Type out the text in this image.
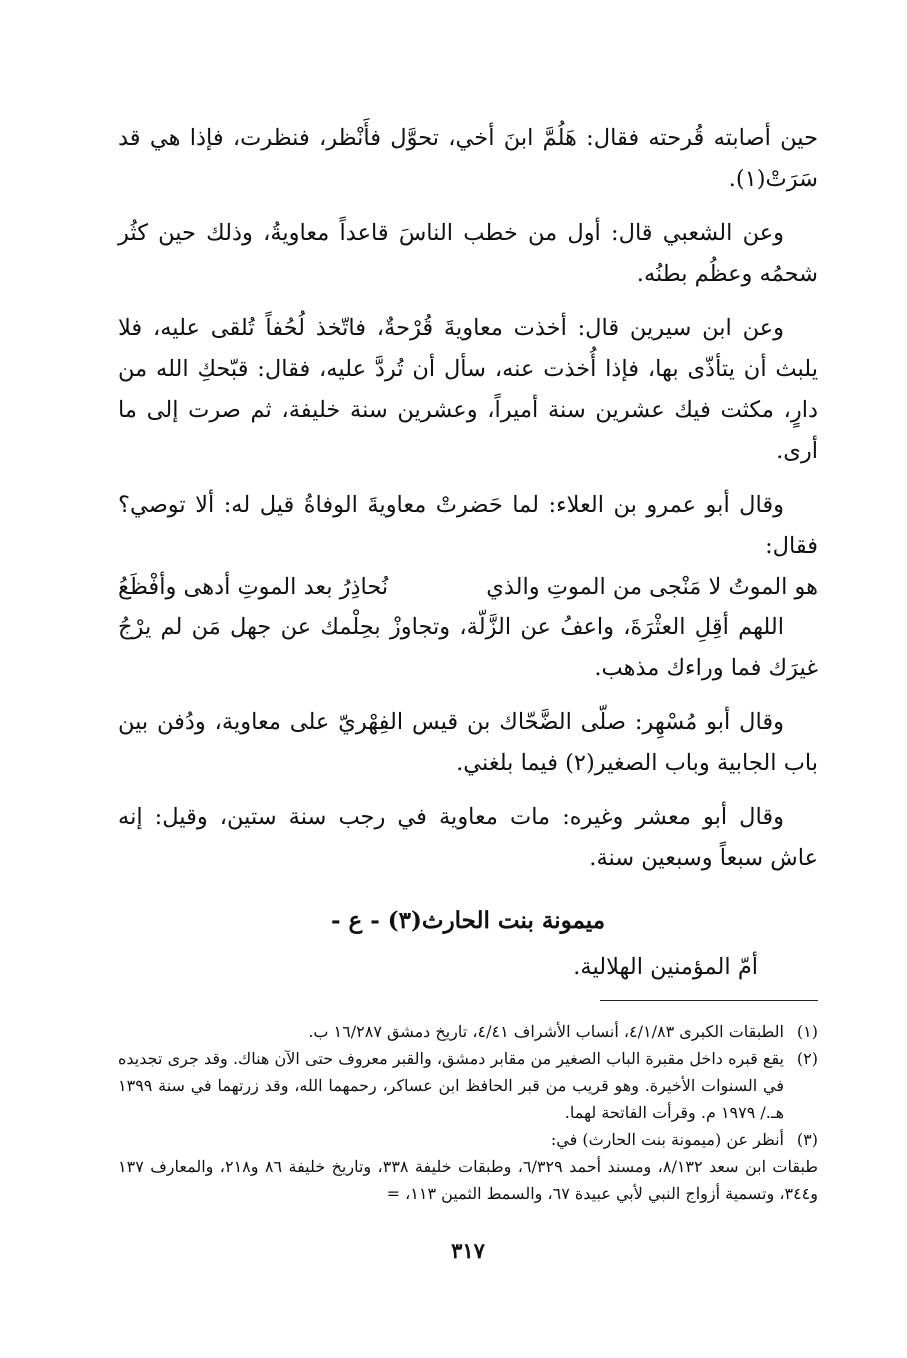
حين أصابته قُرحته فقال: هَلُمَّ ابنَ أخي، تحوَّل فأَنْظر، فنظرت، فإذا هي قد سَرَتْ(١).

وعن الشعبي قال: أول من خطب الناسَ قاعداً معاويةُ، وذلك حين كثُر شحمُه وعظُم بطنُه.

وعن ابن سيرين قال: أخذت معاويةَ قُرْحةٌ، فاتّخذ لُحُفاً تُلقى عليه، فلا يلبث أن يتأذّى بها، فإذا أُخذت عنه، سأل أن تُردَّ عليه، فقال: قبّحكِ الله من دارٍ، مكثت فيك عشرين سنة أميراً، وعشرين سنة خليفة، ثم صرت إلى ما أرى.

وقال أبو عمرو بن العلاء: لما حَضرتْ معاويةَ الوفاةُ قيل له: ألا توصي؟ فقال:

هو الموتُ لا مَنْجى من الموتِ والذي
نُحاذِرُ بعد الموتِ أدهى وأفْظَعُ

اللهم أقِلِ العثْرَةَ، واعفُ عن الزَّلّة، وتجاوزْ بحِلْمك عن جهل مَن لم يرْجُ غيرَك فما وراءك مذهب.

وقال أبو مُسْهِر: صلّى الضَّحّاك بن قيس الفِهْريّ على معاوية، ودُفن بين باب الجابية وباب الصغير(٢) فيما بلغني.

وقال أبو معشر وغيره: مات معاوية في رجب سنة ستين، وقيل: إنه عاش سبعاً وسبعين سنة.

ميمونة بنت الحارث(٣) - ع -

أمّ المؤمنين الهلالية.

(١)
الطبقات الكبرى ٤/١/٨٣، أنساب الأشراف ٤/٤١، تاريخ دمشق ١٦/٢٨٧ ب.
(٢)
يقع قبره داخل مقبرة الباب الصغير من مقابر دمشق، والقبر معروف حتى الآن هناك. وقد جرى تجديده في السنوات الأخيرة. وهو قريب من قبر الحافظ ابن عساكر، رحمهما الله، وقد زرتهما في سنة ١٣٩٩ هـ./ ١٩٧٩ م. وقرأت الفاتحة لهما.
(٣)
أنظر عن (ميمونة بنت الحارث) في:
طبقات ابن سعد ٨/١٣٢، ومسند أحمد ٦/٣٢٩، وطبقات خليفة ٣٣٨، وتاريخ خليفة ٨٦ و٢١٨، والمعارف ١٣٧ و٣٤٤، وتسمية أزواج النبي لأبي عبيدة ٦٧، والسمط الثمين ١١٣، =
٣١٧
